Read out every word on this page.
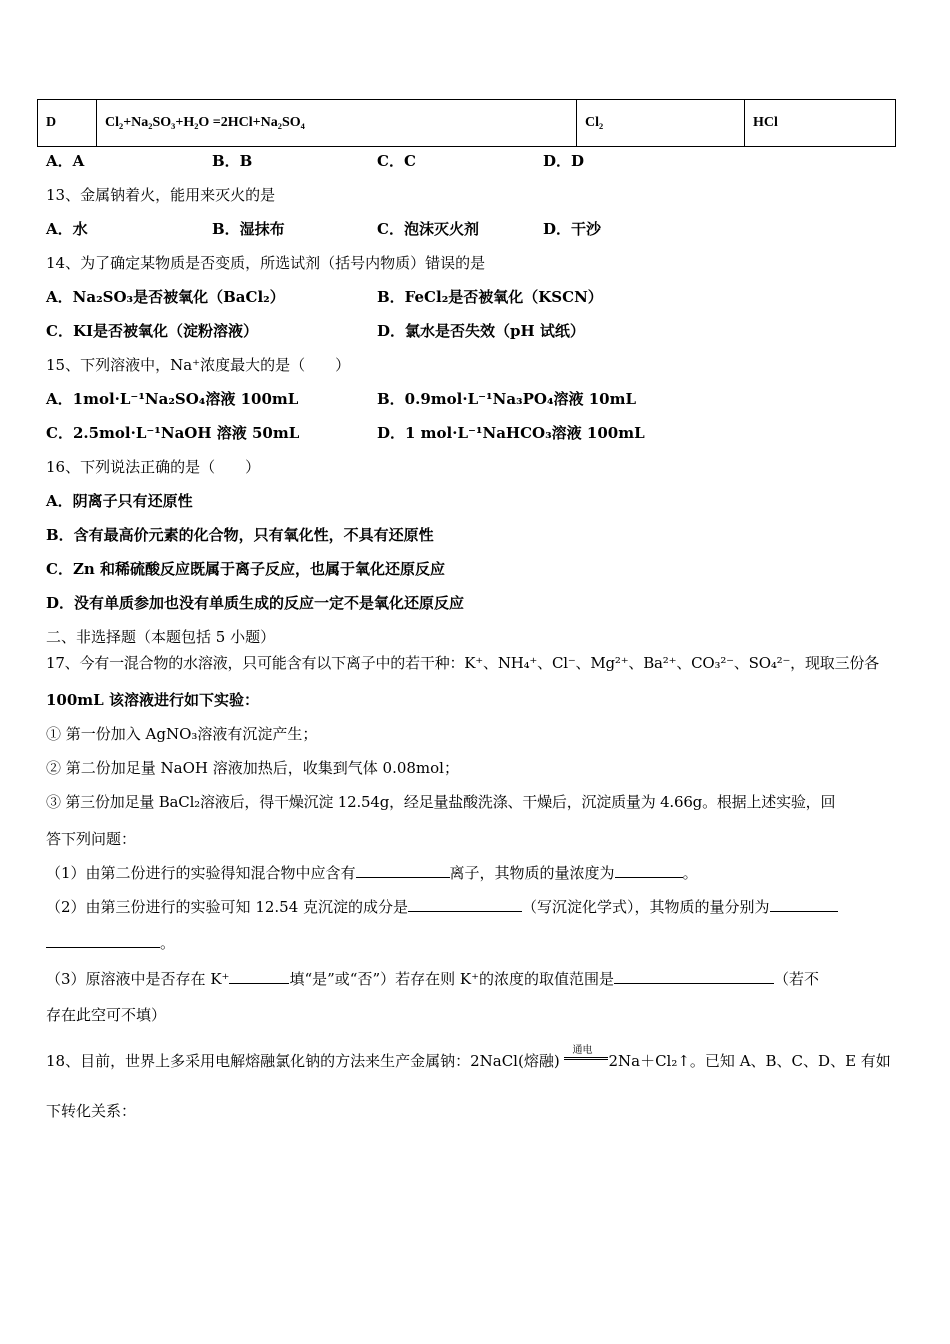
D	Cl₂+Na₂SO₃+H₂O =2HCl+Na₂SO₄	Cl₂	HCl
A．A	B．B	C．C	D．D
13、金属钠着火，能用来灭火的是
A．水	B．湿抹布	C．泡沫灭火剂	D．干沙
14、为了确定某物质是否变质，所选试剂（括号内物质）错误的是
A．Na₂SO₃是否被氧化（BaCl₂）	B．FeCl₂是否被氧化（KSCN）
C．KI是否被氧化（淀粉溶液）	D．氯水是否失效（pH 试纸）
15、下列溶液中，Na⁺浓度最大的是（　　）
A．1mol·L⁻¹Na₂SO₄溶液 100mL	B．0.9mol·L⁻¹Na₃PO₄溶液 10mL
C．2.5mol·L⁻¹NaOH 溶液 50mL	D．1 mol·L⁻¹NaHCO₃溶液 100mL
16、下列说法正确的是（　　）
A．阴离子只有还原性
B．含有最高价元素的化合物，只有氧化性，不具有还原性
C．Zn 和稀硫酸反应既属于离子反应，也属于氧化还原反应
D．没有单质参加也没有单质生成的反应一定不是氧化还原反应
二、非选择题（本题包括 5 小题）
17、今有一混合物的水溶液，只可能含有以下离子中的若干种：K⁺、NH₄⁺、Cl⁻、Mg²⁺、Ba²⁺、CO₃²⁻、SO₄²⁻，现取三份各
100mL 该溶液进行如下实验：
① 第一份加入 AgNO₃溶液有沉淀产生；
② 第二份加足量 NaOH 溶液加热后，收集到气体 0.08mol；
③ 第三份加足量 BaCl₂溶液后，得干燥沉淀 12.54g，经足量盐酸洗涤、干燥后，沉淀质量为 4.66g。根据上述实验，回
答下列问题：
（1）由第二份进行的实验得知混合物中应含有	离子，其物质的量浓度为	。
（2）由第三份进行的实验可知 12.54 克沉淀的成分是	（写沉淀化学式），其物质的量分别为
。
（3）原溶液中是否存在 K⁺	填“是”或“否”）若存在则 K⁺的浓度的取值范围是	（若不
存在此空可不填）
18、目前，世界上多采用电解熔融氯化钠的方法来生产金属钠：2NaCl(熔融)
通电
2Na＋Cl₂↑。已知 A、B、C、D、E 有如
下转化关系：
